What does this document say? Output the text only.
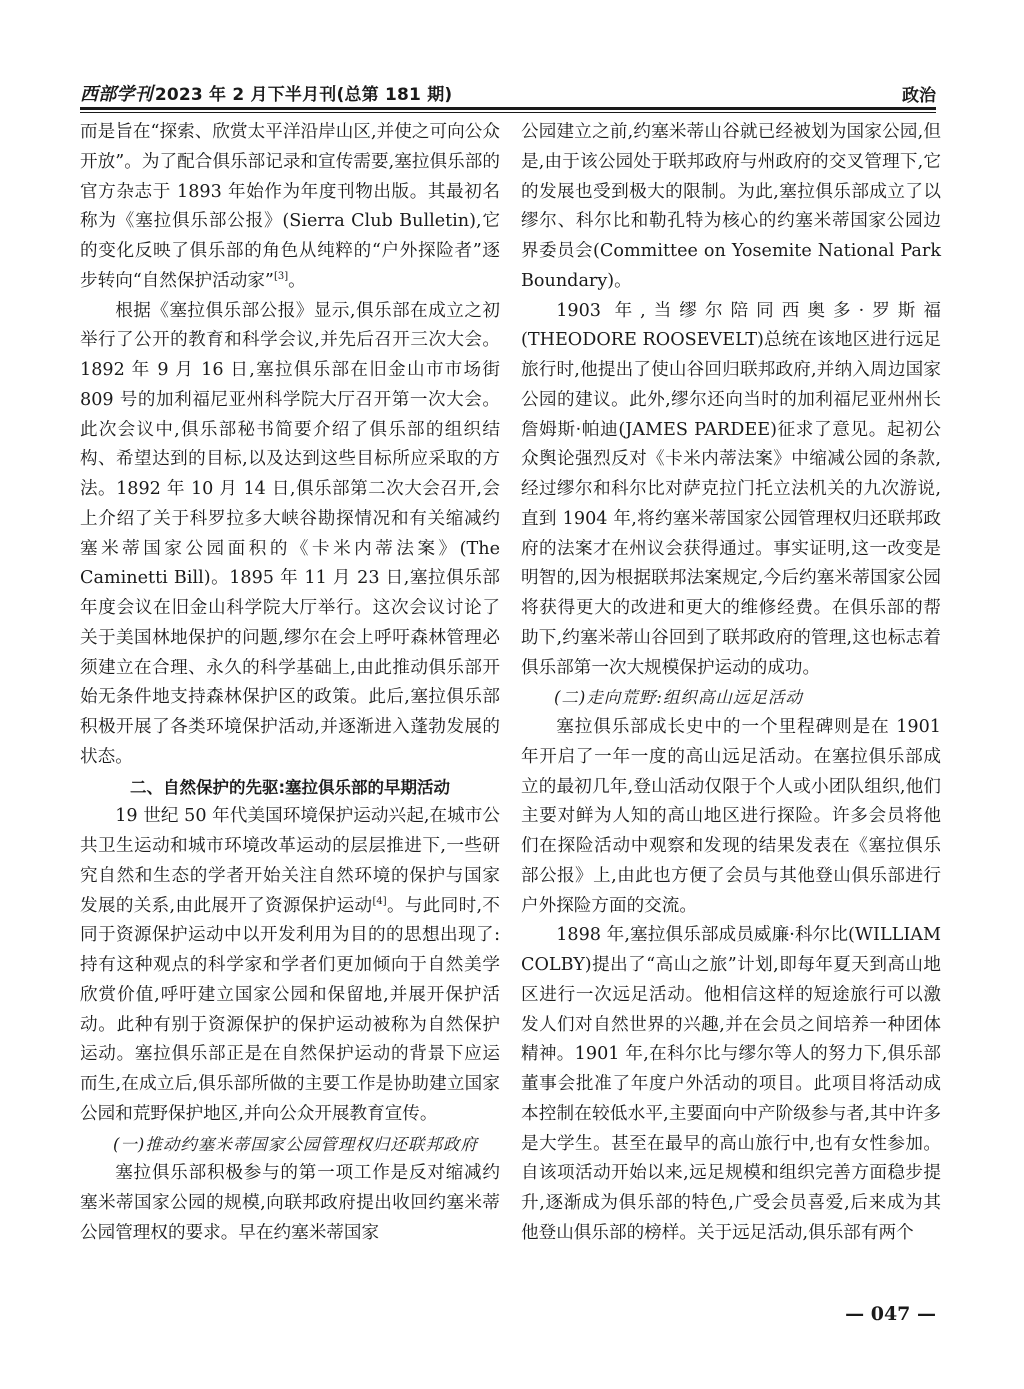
西部学刊 2023 年 2 月下半月刊(总第 181 期)	政治

而是旨在“探索、欣赏太平洋沿岸山区,并使之可向公众开放”。为了配合俱乐部记录和宣传需要,塞拉俱乐部的官方杂志于 1893 年始作为年度刊物出版。其最初名称为《塞拉俱乐部公报》(Sierra Club Bulletin),它的变化反映了俱乐部的角色从纯粹的“户外探险者”逐步转向“自然保护活动家”[3]。

根据《塞拉俱乐部公报》显示,俱乐部在成立之初举行了公开的教育和科学会议,并先后召开三次大会。1892 年 9 月 16 日,塞拉俱乐部在旧金山市市场街 809 号的加利福尼亚州科学院大厅召开第一次大会。此次会议中,俱乐部秘书简要介绍了俱乐部的组织结构、希望达到的目标,以及达到这些目标所应采取的方法。1892 年 10 月 14 日,俱乐部第二次大会召开,会上介绍了关于科罗拉多大峡谷勘探情况和有关缩减约塞米蒂国家公园面积的《卡米内蒂法案》(The Caminetti Bill)。1895 年 11 月 23 日,塞拉俱乐部年度会议在旧金山科学院大厅举行。这次会议讨论了关于美国林地保护的问题,缪尔在会上呼吁森林管理必须建立在合理、永久的科学基础上,由此推动俱乐部开始无条件地支持森林保护区的政策。此后,塞拉俱乐部积极开展了各类环境保护活动,并逐渐进入蓬勃发展的状态。

二、自然保护的先驱:塞拉俱乐部的早期活动

19 世纪 50 年代美国环境保护运动兴起,在城市公共卫生运动和城市环境改革运动的层层推进下,一些研究自然和生态的学者开始关注自然环境的保护与国家发展的关系,由此展开了资源保护运动[4]。与此同时,不同于资源保护运动中以开发利用为目的的思想出现了:持有这种观点的科学家和学者们更加倾向于自然美学欣赏价值,呼吁建立国家公园和保留地,并展开保护活动。此种有别于资源保护的保护运动被称为自然保护运动。塞拉俱乐部正是在自然保护运动的背景下应运而生,在成立后,俱乐部所做的主要工作是协助建立国家公园和荒野保护地区,并向公众开展教育宣传。

(一)推动约塞米蒂国家公园管理权归还联邦政府

塞拉俱乐部积极参与的第一项工作是反对缩减约塞米蒂国家公园的规模,向联邦政府提出收回约塞米蒂公园管理权的要求。早在约塞米蒂国家

公园建立之前,约塞米蒂山谷就已经被划为国家公园,但是,由于该公园处于联邦政府与州政府的交叉管理下,它的发展也受到极大的限制。为此,塞拉俱乐部成立了以缪尔、科尔比和勒孔特为核心的约塞米蒂国家公园边界委员会(Committee on Yosemite National Park Boundary)。

1903 年,当缪尔陪同西奥多·罗斯福(THEODORE ROOSEVELT)总统在该地区进行远足旅行时,他提出了使山谷回归联邦政府,并纳入周边国家公园的建议。此外,缪尔还向当时的加利福尼亚州州长詹姆斯·帕迪(JAMES PARDEE)征求了意见。起初公众舆论强烈反对《卡米内蒂法案》中缩减公园的条款,经过缪尔和科尔比对萨克拉门托立法机关的九次游说,直到 1904 年,将约塞米蒂国家公园管理权归还联邦政府的法案才在州议会获得通过。事实证明,这一改变是明智的,因为根据联邦法案规定,今后约塞米蒂国家公园将获得更大的改进和更大的维修经费。在俱乐部的帮助下,约塞米蒂山谷回到了联邦政府的管理,这也标志着俱乐部第一次大规模保护运动的成功。

(二)走向荒野:组织高山远足活动

塞拉俱乐部成长史中的一个里程碑则是在 1901 年开启了一年一度的高山远足活动。在塞拉俱乐部成立的最初几年,登山活动仅限于个人或小团队组织,他们主要对鲜为人知的高山地区进行探险。许多会员将他们在探险活动中观察和发现的结果发表在《塞拉俱乐部公报》上,由此也方便了会员与其他登山俱乐部进行户外探险方面的交流。

1898 年,塞拉俱乐部成员威廉·科尔比(WILLIAM COLBY)提出了“高山之旅”计划,即每年夏天到高山地区进行一次远足活动。他相信这样的短途旅行可以激发人们对自然世界的兴趣,并在会员之间培养一种团体精神。1901 年,在科尔比与缪尔等人的努力下,俱乐部董事会批准了年度户外活动的项目。此项目将活动成本控制在较低水平,主要面向中产阶级参与者,其中许多是大学生。甚至在最早的高山旅行中,也有女性参加。自该项活动开始以来,远足规模和组织完善方面稳步提升,逐渐成为俱乐部的特色,广受会员喜爱,后来成为其他登山俱乐部的榜样。关于远足活动,俱乐部有两个

— 047 —
